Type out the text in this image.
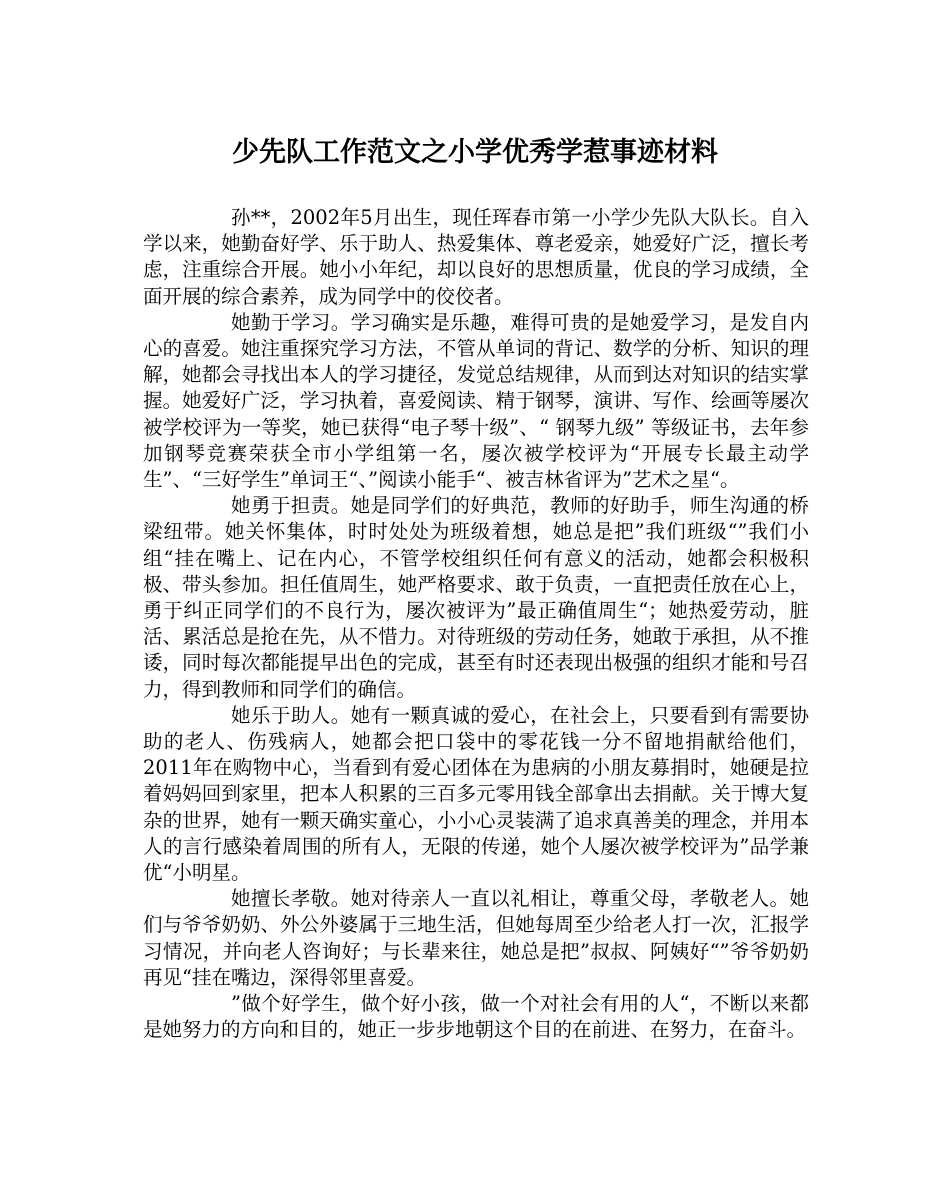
少先队工作范文之小学优秀学惹事迹材料

孙**，2002年5月出生，现任珲春市第一小学少先队大队长。自入学以来，她勤奋好学、乐于助人、热爱集体、尊老爱亲，她爱好广泛，擅长考虑，注重综合开展。她小小年纪，却以良好的思想质量，优良的学习成绩，全面开展的综合素养，成为同学中的佼佼者。

她勤于学习。学习确实是乐趣，难得可贵的是她爱学习，是发自内心的喜爱。她注重探究学习方法，不管从单词的背记、数学的分析、知识的理解，她都会寻找出本人的学习捷径，发觉总结规律，从而到达对知识的结实掌握。她爱好广泛，学习执着，喜爱阅读、精于钢琴，演讲、写作、绘画等屡次被学校评为一等奖，她已获得“电子琴十级”、“ 钢琴九级” 等级证书，去年参加钢琴竞赛荣获全市小学组第一名，屡次被学校评为“开展专长最主动学生”、“三好学生”单词王“、”阅读小能手“、被吉林省评为”艺术之星“。

她勇于担责。她是同学们的好典范，教师的好助手，师生沟通的桥梁纽带。她关怀集体，时时处处为班级着想，她总是把”我们班级“”我们小组“挂在嘴上、记在内心，不管学校组织任何有意义的活动，她都会积极积极、带头参加。担任值周生，她严格要求、敢于负责，一直把责任放在心上，勇于纠正同学们的不良行为，屡次被评为”最正确值周生“；她热爱劳动，脏活、累活总是抢在先，从不惜力。对待班级的劳动任务，她敢于承担，从不推诿，同时每次都能提早出色的完成，甚至有时还表现出极强的组织才能和号召力，得到教师和同学们的确信。

她乐于助人。她有一颗真诚的爱心，在社会上，只要看到有需要协助的老人、伤残病人，她都会把口袋中的零花钱一分不留地捐献给他们，2011年在购物中心，当看到有爱心团体在为患病的小朋友募捐时，她硬是拉着妈妈回到家里，把本人积累的三百多元零用钱全部拿出去捐献。关于博大复杂的世界，她有一颗天确实童心，小小心灵装满了追求真善美的理念，并用本人的言行感染着周围的所有人，无限的传递，她个人屡次被学校评为”品学兼优“小明星。

她擅长孝敬。她对待亲人一直以礼相让，尊重父母，孝敬老人。她们与爷爷奶奶、外公外婆属于三地生活，但她每周至少给老人打一次，汇报学习情况，并向老人咨询好；与长辈来往，她总是把”叔叔、阿姨好“”爷爷奶奶再见“挂在嘴边，深得邻里喜爱。

”做个好学生，做个好小孩，做一个对社会有用的人“，不断以来都是她努力的方向和目的，她正一步步地朝这个目的在前进、在努力，在奋斗。
